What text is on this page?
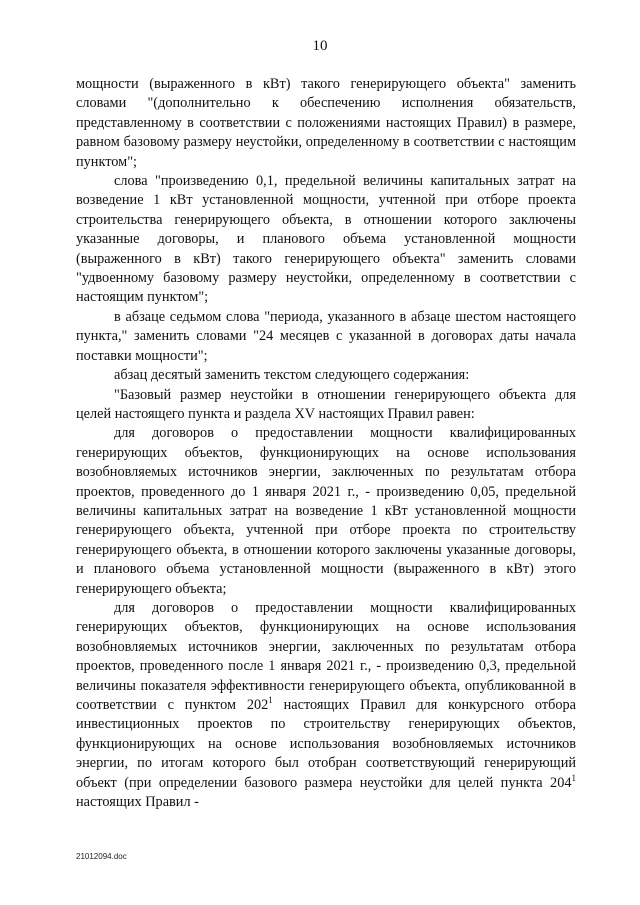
10

мощности (выраженного в кВт) такого генерирующего объекта" заменить словами "(дополнительно к обеспечению исполнения обязательств, представленному в соответствии с положениями настоящих Правил) в размере, равном базовому размеру неустойки, определенному в соответствии с настоящим пунктом";

слова "произведению 0,1, предельной величины капитальных затрат на возведение 1 кВт установленной мощности, учтенной при отборе проекта строительства генерирующего объекта, в отношении которого заключены указанные договоры, и планового объема установленной мощности (выраженного в кВт) такого генерирующего объекта" заменить словами "удвоенному базовому размеру неустойки, определенному в соответствии с настоящим пунктом";

в абзаце седьмом слова "периода, указанного в абзаце шестом настоящего пункта," заменить словами "24 месяцев с указанной в договорах даты начала поставки мощности";

абзац десятый заменить текстом следующего содержания:

"Базовый размер неустойки в отношении генерирующего объекта для целей настоящего пункта и раздела XV настоящих Правил равен:

для договоров о предоставлении мощности квалифицированных генерирующих объектов, функционирующих на основе использования возобновляемых источников энергии, заключенных по результатам отбора проектов, проведенного до 1 января 2021 г., - произведению 0,05, предельной величины капитальных затрат на возведение 1 кВт установленной мощности генерирующего объекта, учтенной при отборе проекта по строительству генерирующего объекта, в отношении которого заключены указанные договоры, и планового объема установленной мощности (выраженного в кВт) этого генерирующего объекта;

для договоров о предоставлении мощности квалифицированных генерирующих объектов, функционирующих на основе использования возобновляемых источников энергии, заключенных по результатам отбора проектов, проведенного после 1 января 2021 г., - произведению 0,3, предельной величины показателя эффективности генерирующего объекта, опубликованной в соответствии с пунктом $202^1$ настоящих Правил для конкурсного отбора инвестиционных проектов по строительству генерирующих объектов, функционирующих на основе использования возобновляемых источников энергии, по итогам которого был отобран соответствующий генерирующий объект (при определении базового размера неустойки для целей пункта $204^1$ настоящих Правил -

21012094.doc
